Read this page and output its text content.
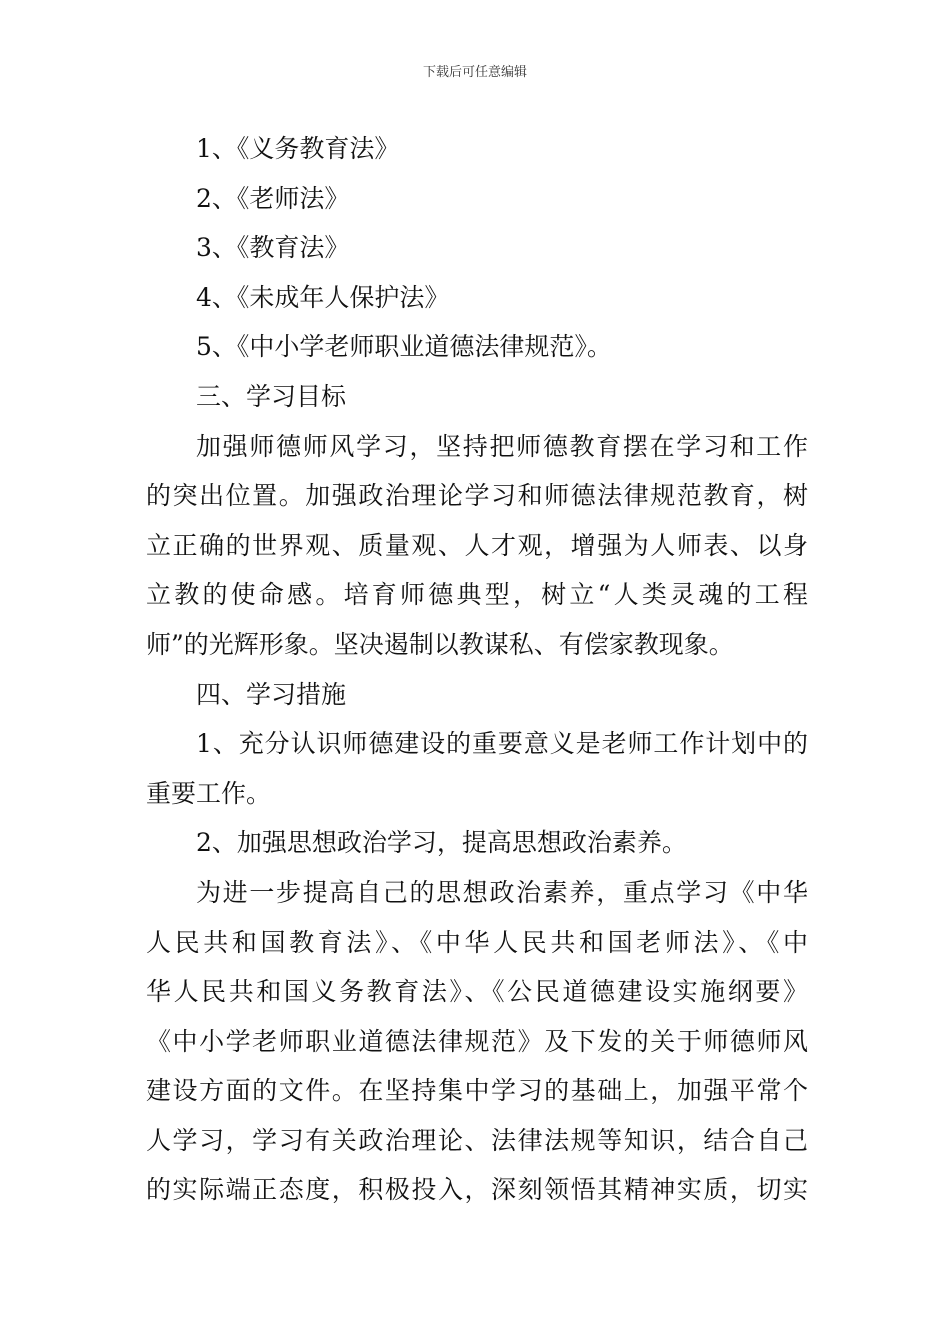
下载后可任意编辑
1、《义务教育法》
2、《老师法》
3、《教育法》
4、《未成年人保护法》
5、《中小学老师职业道德法律规范》。
三、学习目标
加强师德师风学习，坚持把师德教育摆在学习和工作
的突出位置。加强政治理论学习和师德法律规范教育，树
立正确的世界观、质量观、人才观，增强为人师表、以身
立教的使命感。培育师德典型，树立“人类灵魂的工程
师”的光辉形象。坚决遏制以教谋私、有偿家教现象。
四、学习措施
1、充分认识师德建设的重要意义是老师工作计划中的
重要工作。
2、加强思想政治学习，提高思想政治素养。
为进一步提高自己的思想政治素养，重点学习《中华
人民共和国教育法》、《中华人民共和国老师法》、《中
华人民共和国义务教育法》、《公民道德建设实施纲要》
《中小学老师职业道德法律规范》及下发的关于师德师风
建设方面的文件。在坚持集中学习的基础上，加强平常个
人学习，学习有关政治理论、法律法规等知识，结合自己
的实际端正态度，积极投入，深刻领悟其精神实质，切实
